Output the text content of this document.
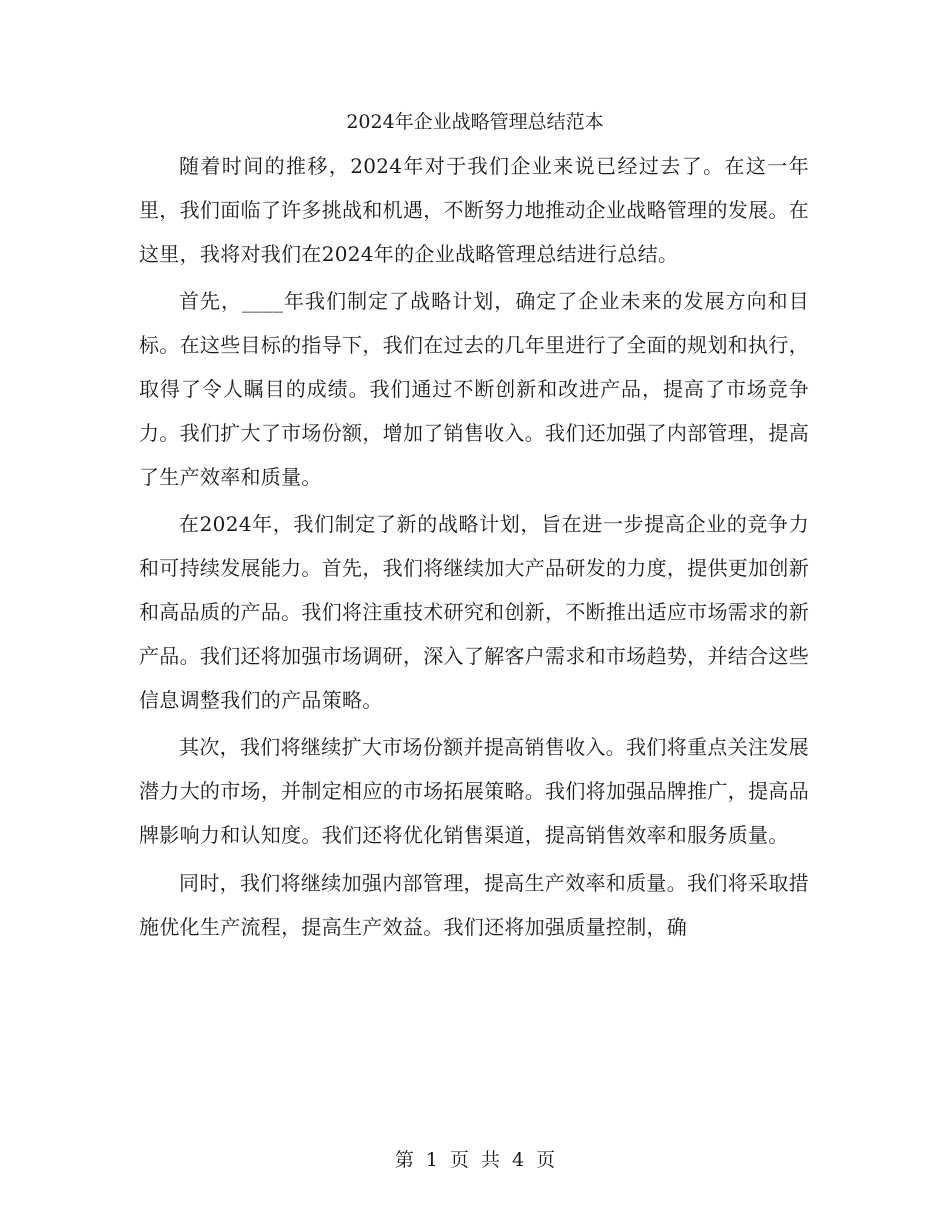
2024年企业战略管理总结范本

随着时间的推移，2024年对于我们企业来说已经过去了。在这一年里，我们面临了许多挑战和机遇，不断努力地推动企业战略管理的发展。在这里，我将对我们在2024年的企业战略管理总结进行总结。

首先，____年我们制定了战略计划，确定了企业未来的发展方向和目标。在这些目标的指导下，我们在过去的几年里进行了全面的规划和执行，取得了令人瞩目的成绩。我们通过不断创新和改进产品，提高了市场竞争力。我们扩大了市场份额，增加了销售收入。我们还加强了内部管理，提高了生产效率和质量。

在2024年，我们制定了新的战略计划，旨在进一步提高企业的竞争力和可持续发展能力。首先，我们将继续加大产品研发的力度，提供更加创新和高品质的产品。我们将注重技术研究和创新，不断推出适应市场需求的新产品。我们还将加强市场调研，深入了解客户需求和市场趋势，并结合这些信息调整我们的产品策略。

其次，我们将继续扩大市场份额并提高销售收入。我们将重点关注发展潜力大的市场，并制定相应的市场拓展策略。我们将加强品牌推广，提高品牌影响力和认知度。我们还将优化销售渠道，提高销售效率和服务质量。

同时，我们将继续加强内部管理，提高生产效率和质量。我们将采取措施优化生产流程，提高生产效益。我们还将加强质量控制，确

第 1 页 共 4 页
